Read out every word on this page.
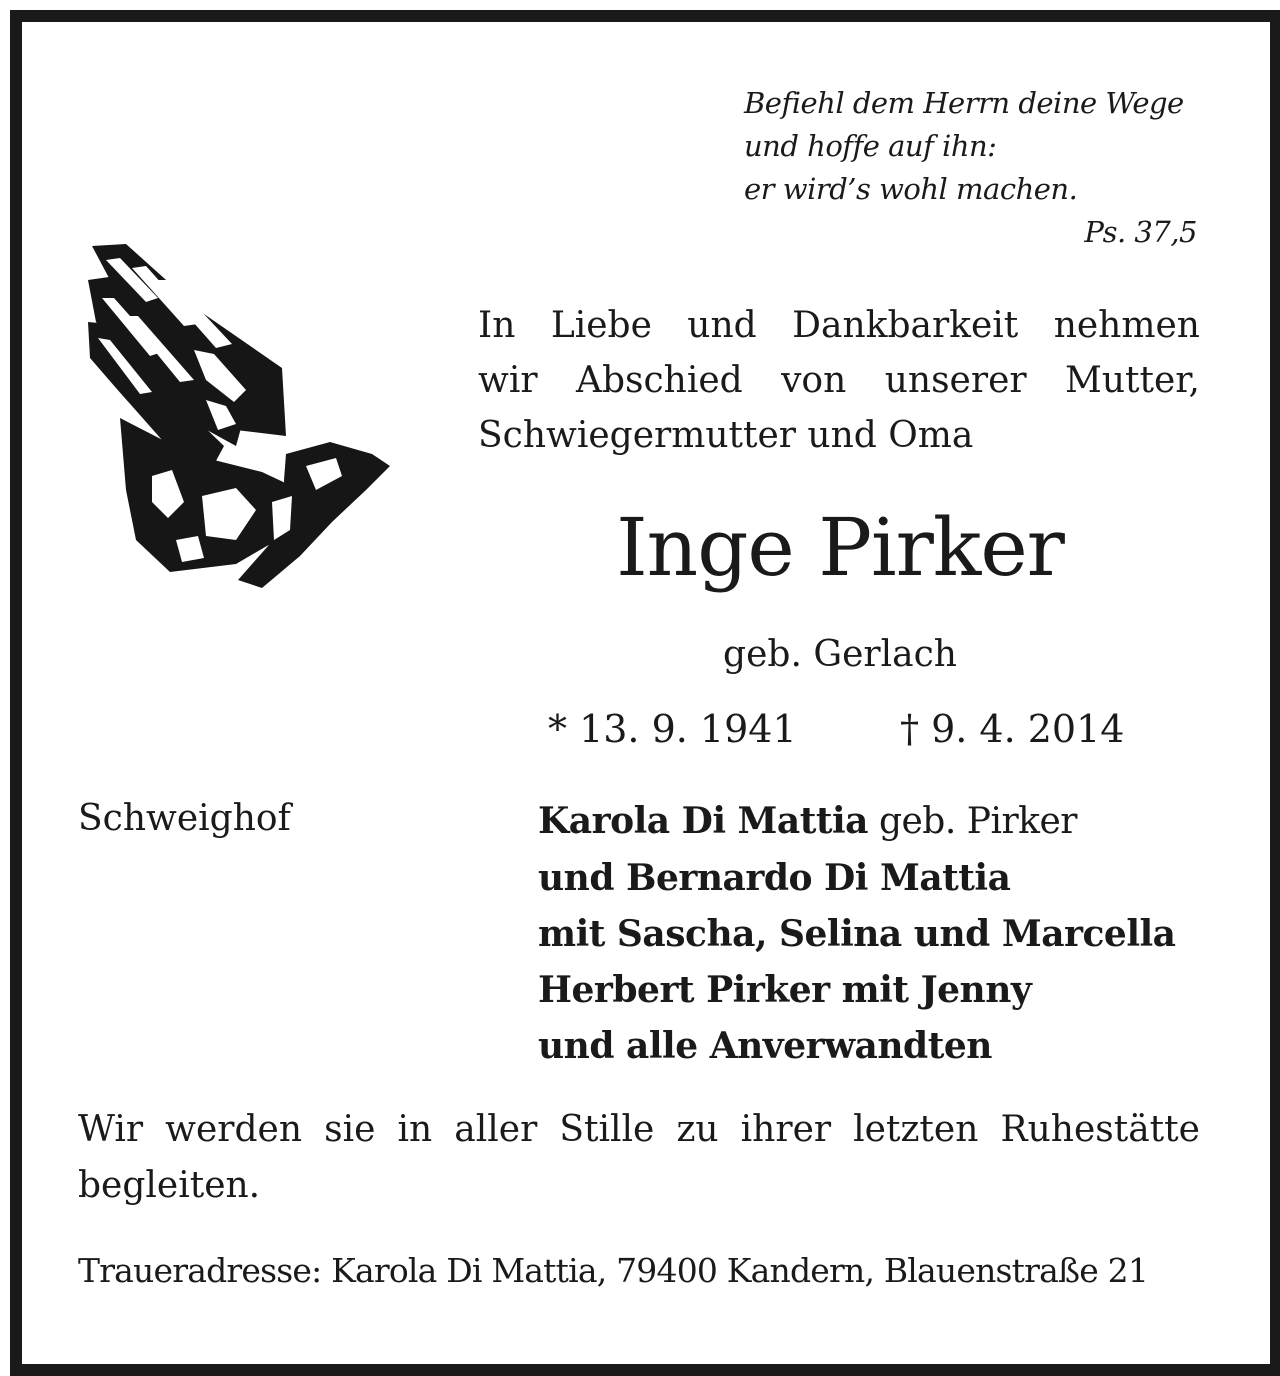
Befiehl dem Herrn deine Wege
und hoffe auf ihn:
er wird’s wohl machen.
Ps. 37,5
In Liebe und Dankbarkeit nehmen
wir Abschied von unserer Mutter,
Schwiegermutter und Oma
Inge Pirker
geb. Gerlach
* 13. 9. 1941	† 9. 4. 2014
Schweighof	Karola Di Mattia geb. Pirker
und Bernardo Di Mattia
mit Sascha, Selina und Marcella
Herbert Pirker mit Jenny
und alle Anverwandten
Wir werden sie in aller Stille zu ihrer letzten Ruhestätte
begleiten.
Traueradresse: Karola Di Mattia, 79400 Kandern, Blauenstraße 21
